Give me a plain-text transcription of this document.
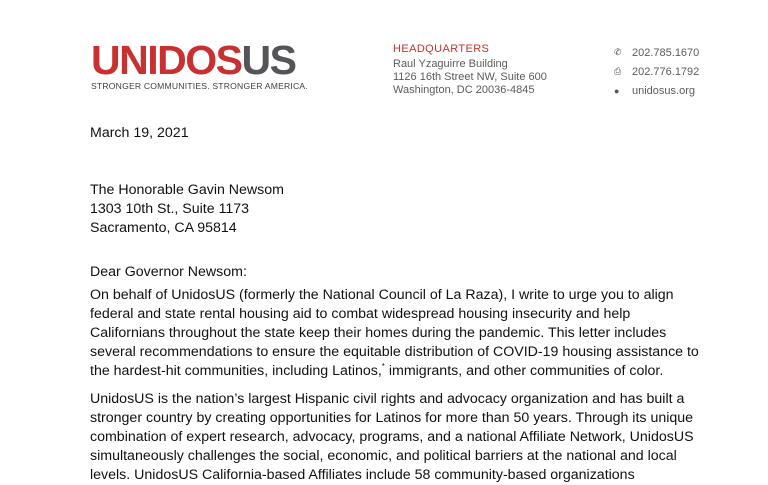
UNIDOSUS
STRONGER COMMUNITIES. STRONGER AMERICA.
HEADQUARTERS
Raul Yzaguirre Building
1126 16th Street NW, Suite 600
Washington, DC 20036-4845
✆ 202.785.1670
⎙ 202.776.1792
●	unidosus.org

March 19, 2021

The Honorable Gavin Newsom
1303 10th St., Suite 1173
Sacramento, CA 95814
Dear Governor Newsom:

On behalf of UnidosUS (formerly the National Council of La Raza), I write to urge you to align federal and state rental housing aid to combat widespread housing insecurity and help Californians throughout the state keep their homes during the pandemic. This letter includes several recommendations to ensure the equitable distribution of COVID-19 housing assistance to the hardest-hit communities, including Latinos,* immigrants, and other communities of color.

UnidosUS is the nation’s largest Hispanic civil rights and advocacy organization and has built a stronger country by creating opportunities for Latinos for more than 50 years. Through its unique combination of expert research, advocacy, programs, and a national Affiliate Network, UnidosUS simultaneously challenges the social, economic, and political barriers at the national and local levels. UnidosUS California-based Affiliates include 58 community-based organizations
